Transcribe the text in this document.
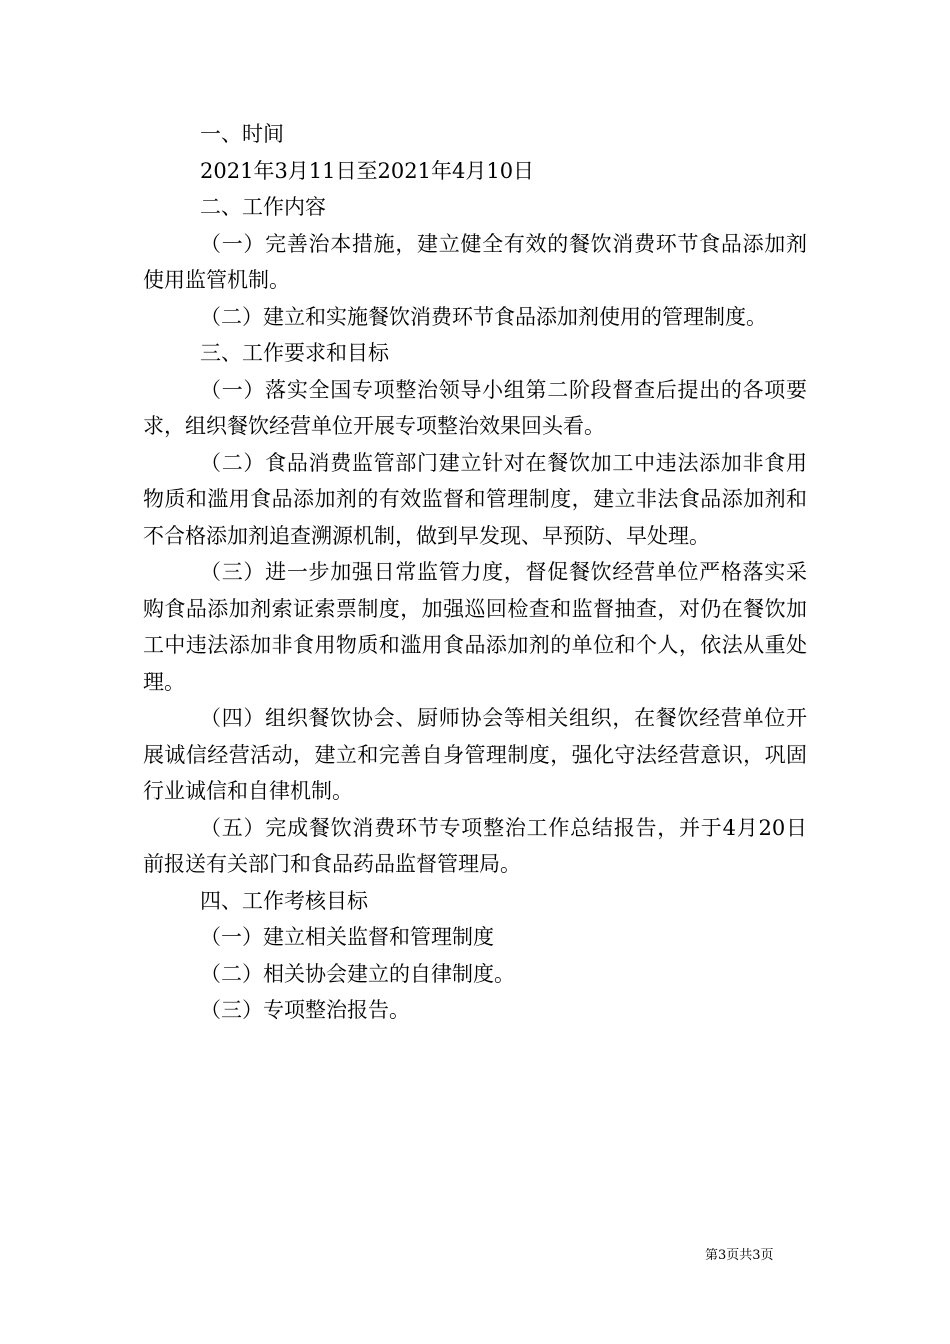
一、时间

2021年3月11日至2021年4月10日

二、工作内容

（一）完善治本措施，建立健全有效的餐饮消费环节食品添加剂使用监管机制。

（二）建立和实施餐饮消费环节食品添加剂使用的管理制度。

三、工作要求和目标

（一）落实全国专项整治领导小组第二阶段督查后提出的各项要求，组织餐饮经营单位开展专项整治效果回头看。

（二）食品消费监管部门建立针对在餐饮加工中违法添加非食用物质和滥用食品添加剂的有效监督和管理制度，建立非法食品添加剂和不合格添加剂追查溯源机制，做到早发现、早预防、早处理。

（三）进一步加强日常监管力度，督促餐饮经营单位严格落实采购食品添加剂索证索票制度，加强巡回检查和监督抽查，对仍在餐饮加工中违法添加非食用物质和滥用食品添加剂的单位和个人，依法从重处理。

（四）组织餐饮协会、厨师协会等相关组织，在餐饮经营单位开展诚信经营活动，建立和完善自身管理制度，强化守法经营意识，巩固行业诚信和自律机制。

（五）完成餐饮消费环节专项整治工作总结报告，并于4月20日前报送有关部门和食品药品监督管理局。

四、工作考核目标

（一）建立相关监督和管理制度

（二）相关协会建立的自律制度。

（三）专项整治报告。

第3页共3页
